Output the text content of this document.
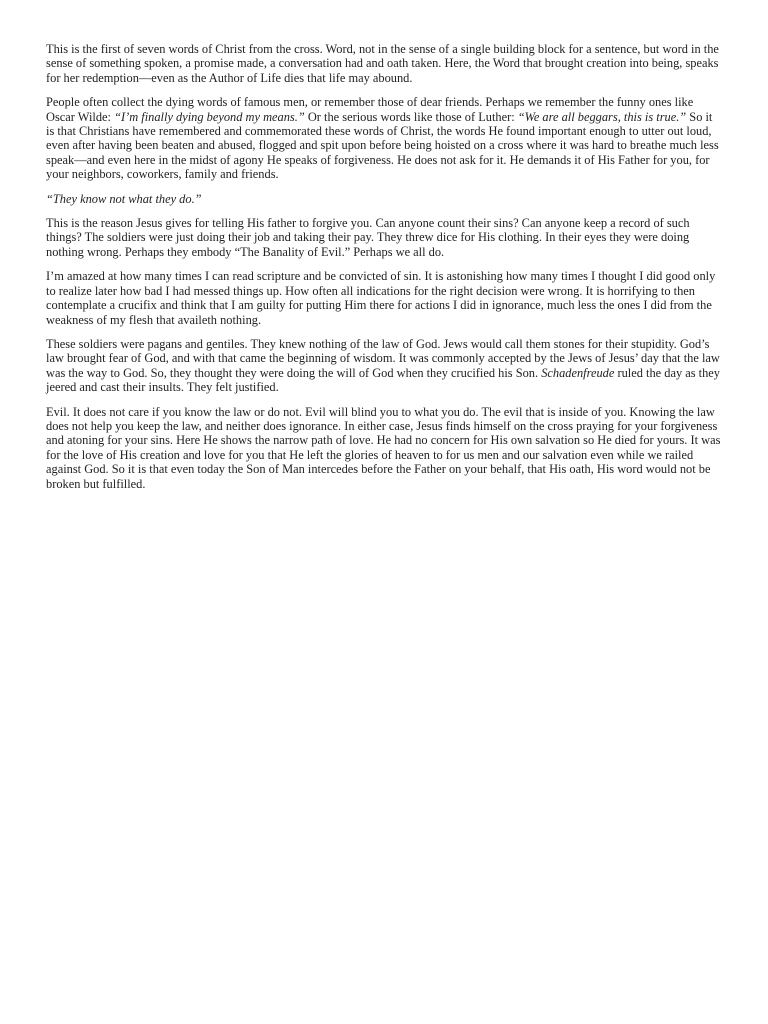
This is the first of seven words of Christ from the cross. Word, not in the sense of a single building block for a sentence, but word in the sense of something spoken, a promise made, a conversation had and oath taken. Here, the Word that brought creation into being, speaks for her redemption—even as the Author of Life dies that life may abound.

People often collect the dying words of famous men, or remember those of dear friends. Perhaps we remember the funny ones like Oscar Wilde: “I’m finally dying beyond my means.” Or the serious words like those of Luther: “We are all beggars, this is true.” So it is that Christians have remembered and commemorated these words of Christ, the words He found important enough to utter out loud, even after having been beaten and abused, flogged and spit upon before being hoisted on a cross where it was hard to breathe much less speak—and even here in the midst of agony He speaks of forgiveness. He does not ask for it. He demands it of His Father for you, for your neighbors, coworkers, family and friends.

“They know not what they do.”

This is the reason Jesus gives for telling His father to forgive you. Can anyone count their sins? Can anyone keep a record of such things? The soldiers were just doing their job and taking their pay. They threw dice for His clothing. In their eyes they were doing nothing wrong. Perhaps they embody “The Banality of Evil.” Perhaps we all do.

I’m amazed at how many times I can read scripture and be convicted of sin. It is astonishing how many times I thought I did good only to realize later how bad I had messed things up. How often all indications for the right decision were wrong. It is horrifying to then contemplate a crucifix and think that I am guilty for putting Him there for actions I did in ignorance, much less the ones I did from the weakness of my flesh that availeth nothing.

These soldiers were pagans and gentiles. They knew nothing of the law of God. Jews would call them stones for their stupidity. God’s law brought fear of God, and with that came the beginning of wisdom. It was commonly accepted by the Jews of Jesus’ day that the law was the way to God. So, they thought they were doing the will of God when they crucified his Son. Schadenfreude ruled the day as they jeered and cast their insults. They felt justified.

Evil. It does not care if you know the law or do not. Evil will blind you to what you do. The evil that is inside of you. Knowing the law does not help you keep the law, and neither does ignorance. In either case, Jesus finds himself on the cross praying for your forgiveness and atoning for your sins. Here He shows the narrow path of love. He had no concern for His own salvation so He died for yours. It was for the love of His creation and love for you that He left the glories of heaven to for us men and our salvation even while we railed against God. So it is that even today the Son of Man intercedes before the Father on your behalf, that His oath, His word would not be broken but fulfilled.
